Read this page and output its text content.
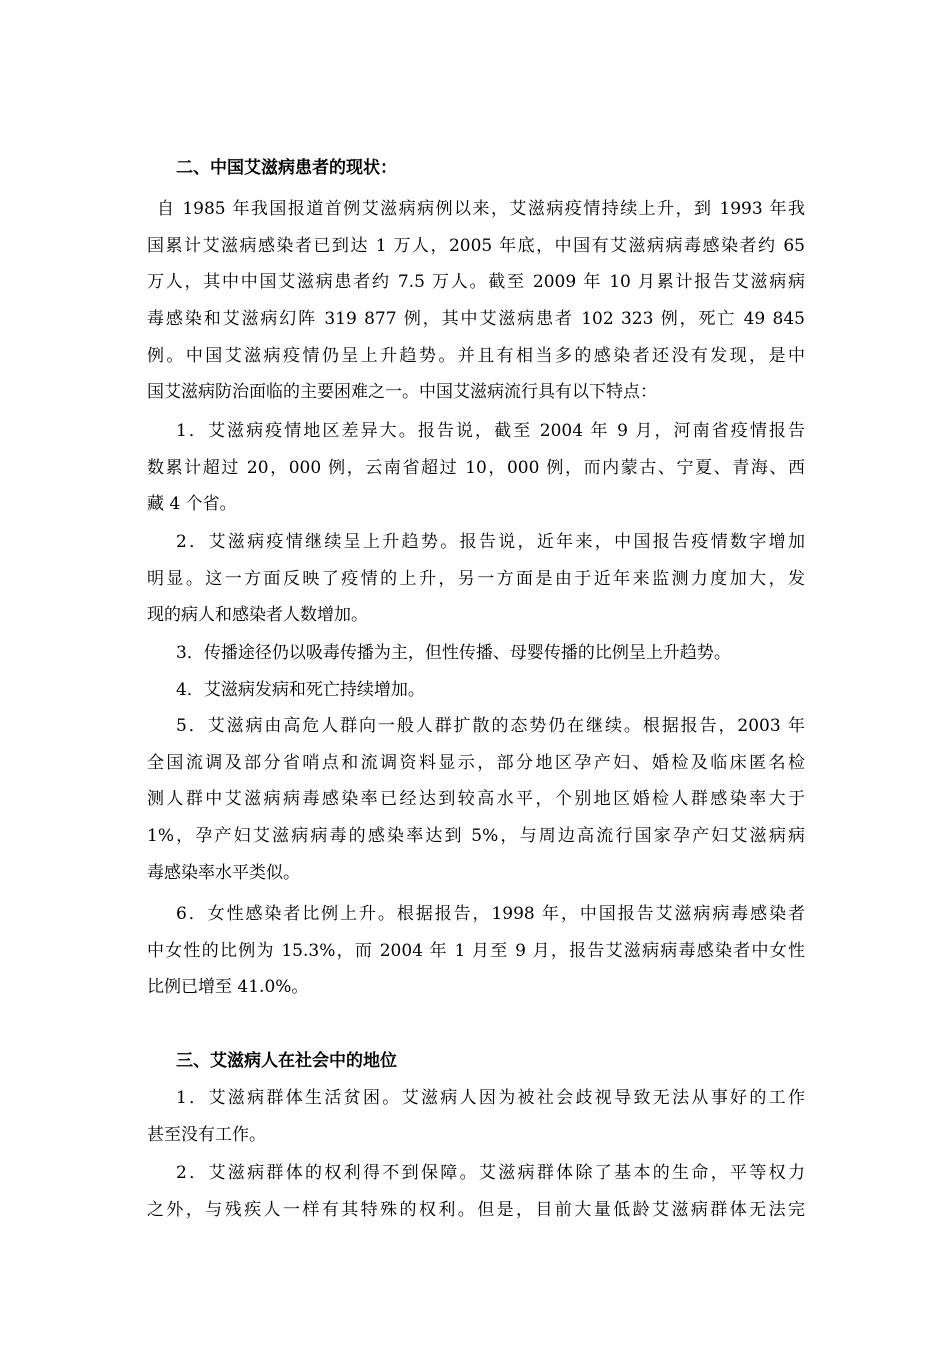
二、中国艾滋病患者的现状：
自 1985 年我国报道首例艾滋病病例以来，艾滋病疫情持续上升，到 1993 年我
国累计艾滋病感染者已到达 1 万人，2005 年底，中国有艾滋病病毒感染者约 65
万人，其中中国艾滋病患者约 7.5 万人。截至 2009 年 10 月累计报告艾滋病病
毒感染和艾滋病幻阵 319 877 例，其中艾滋病患者 102 323 例，死亡 49 845
例。中国艾滋病疫情仍呈上升趋势。并且有相当多的感染者还没有发现，是中
国艾滋病防治面临的主要困难之一。中国艾滋病流行具有以下特点：
1．艾滋病疫情地区差异大。报告说，截至 2004 年 9 月，河南省疫情报告
数累计超过 20，000 例，云南省超过 10，000 例，而内蒙古、宁夏、青海、西
藏 4 个省。
2．艾滋病疫情继续呈上升趋势。报告说，近年来，中国报告疫情数字增加
明显。这一方面反映了疫情的上升，另一方面是由于近年来监测力度加大，发
现的病人和感染者人数增加。
3．传播途径仍以吸毒传播为主，但性传播、母婴传播的比例呈上升趋势。
4．艾滋病发病和死亡持续增加。
5．艾滋病由高危人群向一般人群扩散的态势仍在继续。根据报告，2003 年
全国流调及部分省哨点和流调资料显示，部分地区孕产妇、婚检及临床匿名检
测人群中艾滋病病毒感染率已经达到较高水平，个别地区婚检人群感染率大于
1%，孕产妇艾滋病病毒的感染率达到 5%，与周边高流行国家孕产妇艾滋病病
毒感染率水平类似。
6．女性感染者比例上升。根据报告，1998 年，中国报告艾滋病病毒感染者
中女性的比例为 15.3%，而 2004 年 1 月至 9 月，报告艾滋病病毒感染者中女性
比例已增至 41.0%。
三、艾滋病人在社会中的地位
1．艾滋病群体生活贫困。艾滋病人因为被社会歧视导致无法从事好的工作
甚至没有工作。
2．艾滋病群体的权利得不到保障。艾滋病群体除了基本的生命，平等权力
之外，与残疾人一样有其特殊的权利。但是，目前大量低龄艾滋病群体无法完
